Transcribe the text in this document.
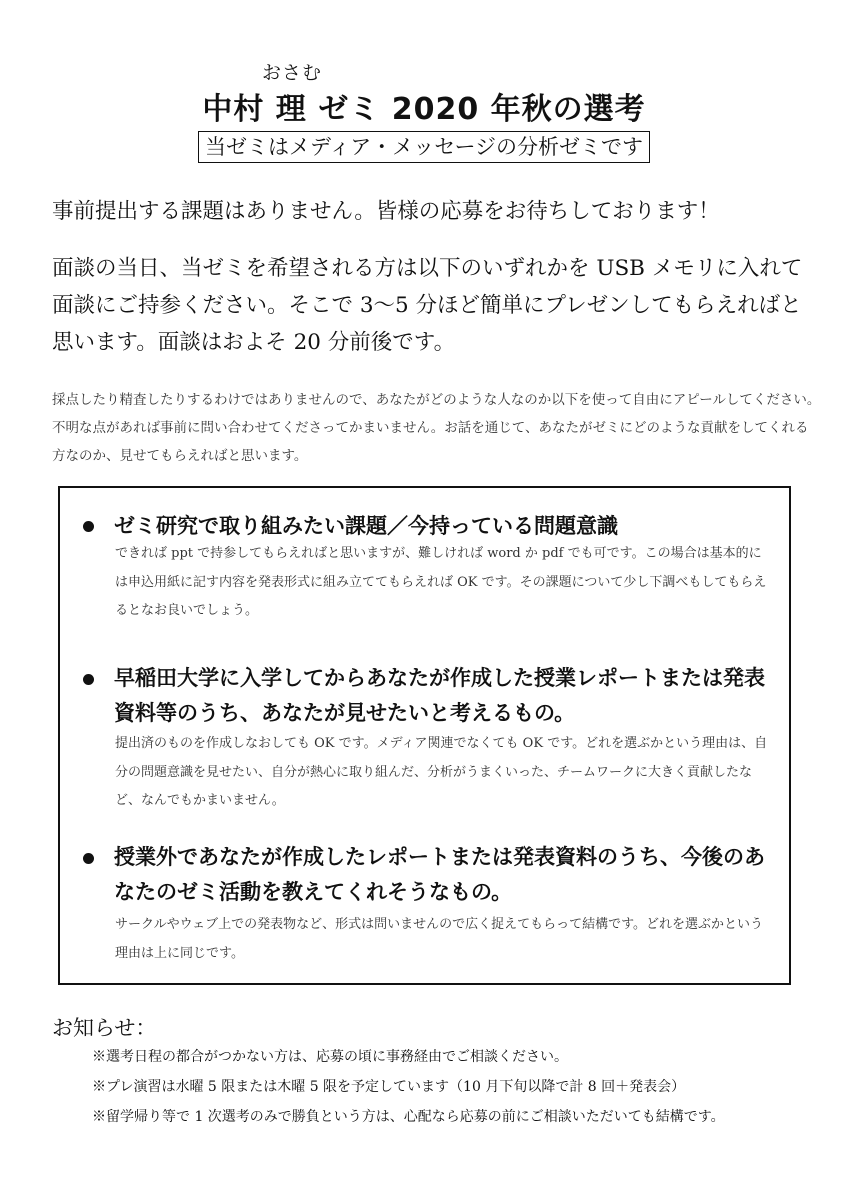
おさむ
中村 理 ゼミ 2020 年秋の選考
当ゼミはメディア・メッセージの分析ゼミです

事前提出する課題はありません。皆様の応募をお待ちしております！

面談の当日、当ゼミを希望される方は以下のいずれかを USB メモリに入れて面談にご持参ください。そこで 3〜5 分ほど簡単にプレゼンしてもらえればと思います。面談はおよそ 20 分前後です。

採点したり精査したりするわけではありませんので、あなたがどのような人なのか以下を使って自由にアピールしてください。不明な点があれば事前に問い合わせてくださってかまいません。お話を通じて、あなたがゼミにどのような貢献をしてくれる方なのか、見せてもらえればと思います。

ゼミ研究で取り組みたい課題／今持っている問題意識

できれば ppt で持参してもらえればと思いますが、難しければ word か pdf でも可です。この場合は基本的には申込用紙に記す内容を発表形式に組み立ててもらえれば OK です。その課題について少し下調べもしてもらえるとなお良いでしょう。

早稲田大学に入学してからあなたが作成した授業レポートまたは発表資料等のうち、あなたが見せたいと考えるもの。

提出済のものを作成しなおしても OK です。メディア関連でなくても OK です。どれを選ぶかという理由は、自分の問題意識を見せたい、自分が熱心に取り組んだ、分析がうまくいった、チームワークに大きく貢献したなど、なんでもかまいません。

授業外であなたが作成したレポートまたは発表資料のうち、今後のあなたのゼミ活動を教えてくれそうなもの。

サークルやウェブ上での発表物など、形式は問いませんので広く捉えてもらって結構です。どれを選ぶかという理由は上に同じです。

お知らせ：

※選考日程の都合がつかない方は、応募の頃に事務経由でご相談ください。
※プレ演習は水曜 5 限または木曜 5 限を予定しています（10 月下旬以降で計 8 回＋発表会）
※留学帰り等で 1 次選考のみで勝負という方は、心配なら応募の前にご相談いただいても結構です。
